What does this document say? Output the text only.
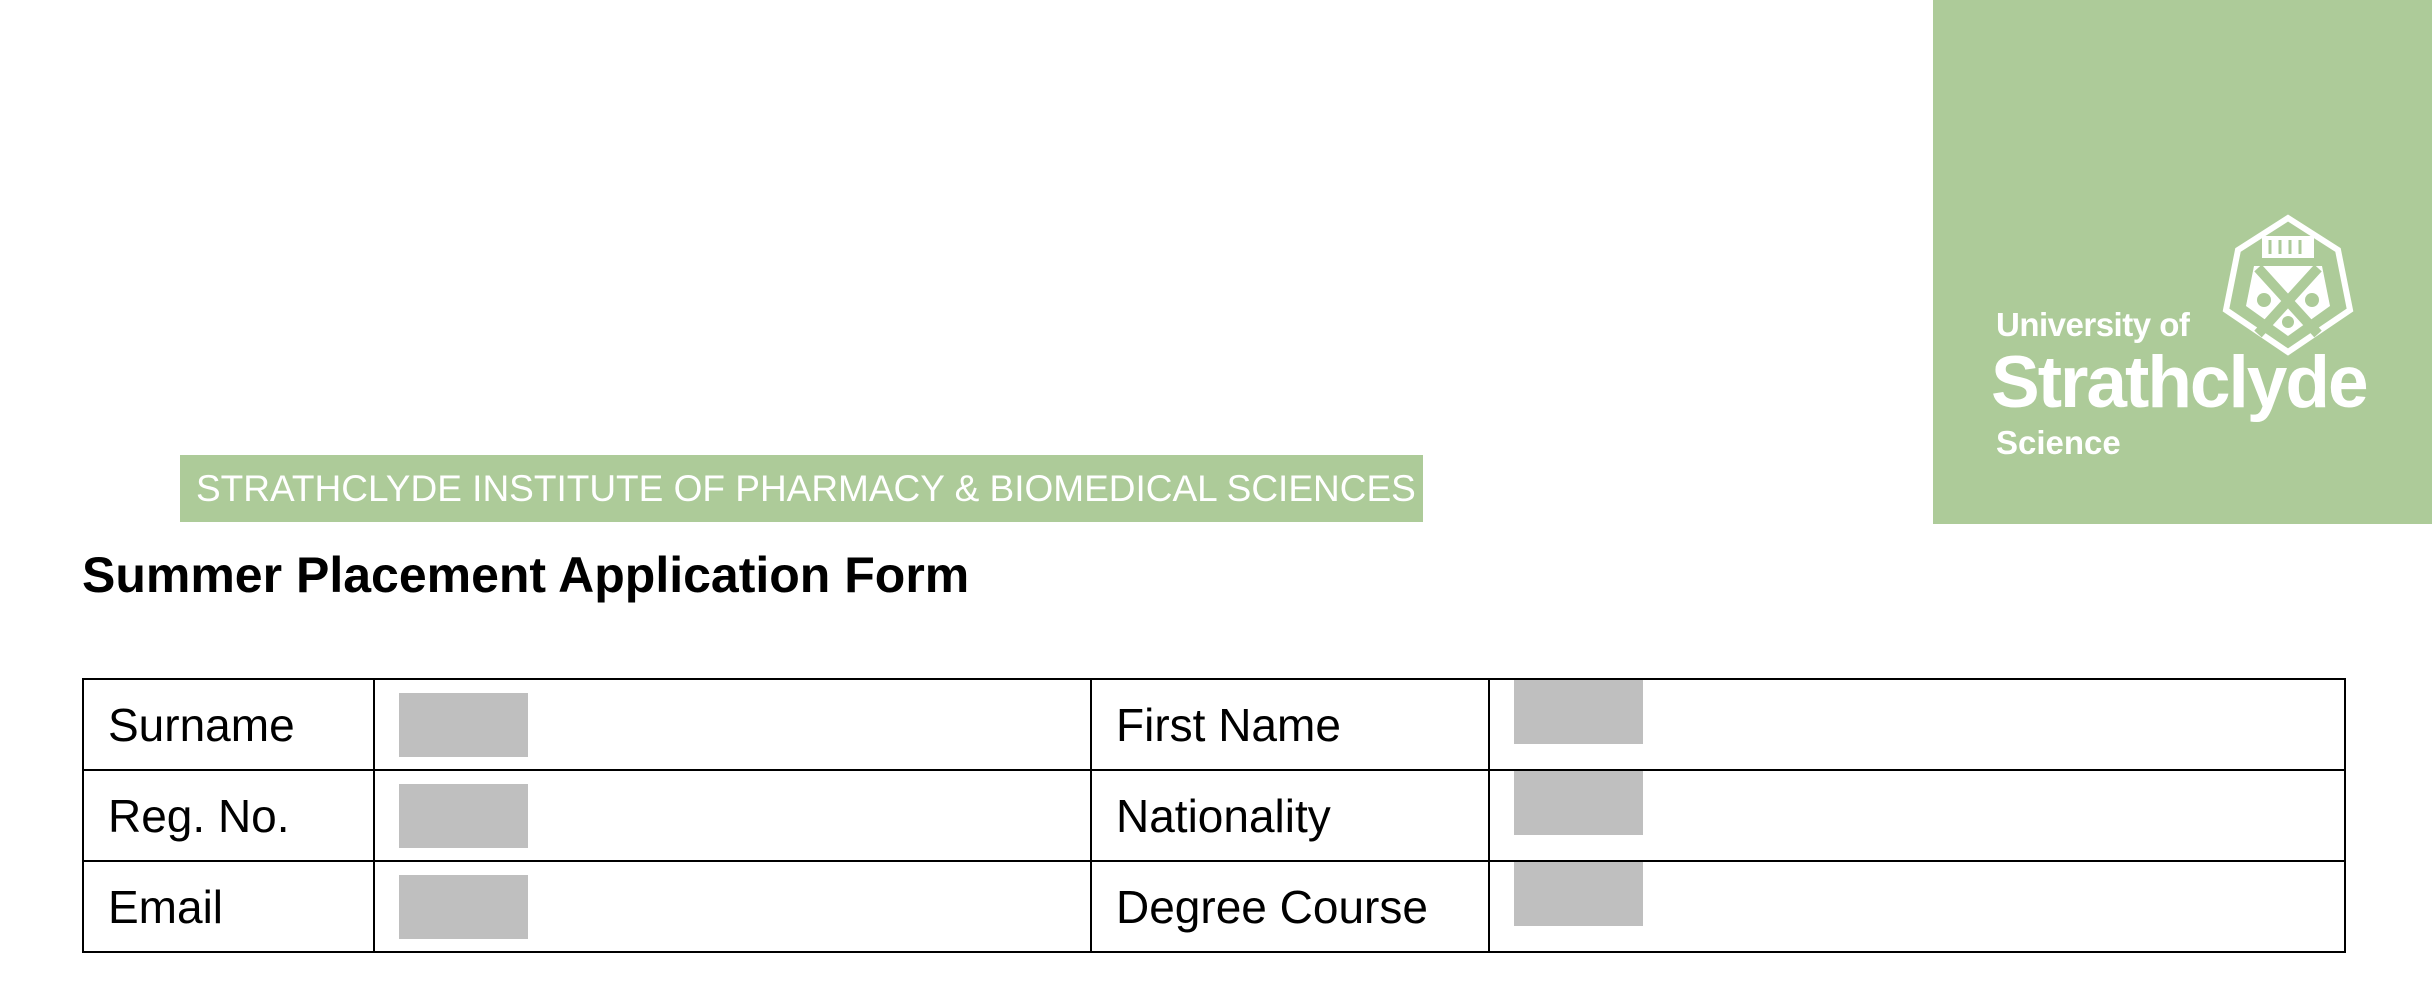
STRATHCLYDE INSTITUTE OF PHARMACY & BIOMEDICAL SCIENCES
University of
Strathclyde
Science
Summer Placement Application Form
Surname		First Name	

Reg. No.		Nationality	

Email		Degree Course	
